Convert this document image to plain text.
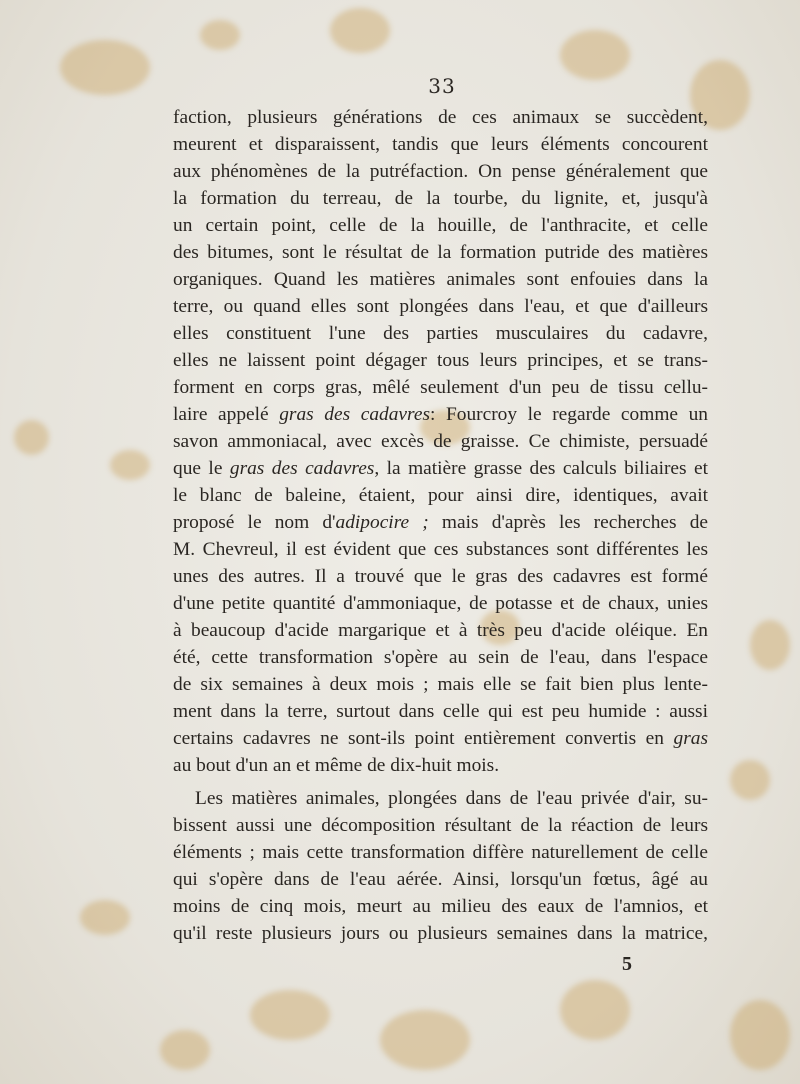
33
faction, plusieurs générations de ces animaux se succèdent,
meurent et disparaissent, tandis que leurs éléments concourent
aux phénomènes de la putréfaction. On pense généralement que
la formation du terreau, de la tourbe, du lignite, et, jusqu'à
un certain point, celle de la houille, de l'anthracite, et celle
des bitumes, sont le résultat de la formation putride des matières
organiques. Quand les matières animales sont enfouies dans la
terre, ou quand elles sont plongées dans l'eau, et que d'ailleurs
elles constituent l'une des parties musculaires du cadavre,
elles ne laissent point dégager tous leurs principes, et se trans-
forment en corps gras, mêlé seulement d'un peu de tissu cellu-
laire appelé gras des cadavres: Fourcroy le regarde comme un
savon ammoniacal, avec excès de graisse. Ce chimiste, persuadé
que le gras des cadavres, la matière grasse des calculs biliaires et
le blanc de baleine, étaient, pour ainsi dire, identiques, avait
proposé le nom d'adipocire ; mais d'après les recherches de
M. Chevreul, il est évident que ces substances sont différentes les
unes des autres. Il a trouvé que le gras des cadavres est formé
d'une petite quantité d'ammoniaque, de potasse et de chaux, unies
à beaucoup d'acide margarique et à très peu d'acide oléique. En
été, cette transformation s'opère au sein de l'eau, dans l'espace
de six semaines à deux mois ; mais elle se fait bien plus lente-
ment dans la terre, surtout dans celle qui est peu humide : aussi
certains cadavres ne sont-ils point entièrement convertis en gras
au bout d'un an et même de dix-huit mois.
Les matières animales, plongées dans de l'eau privée d'air, su-
bissent aussi une décomposition résultant de la réaction de leurs
éléments ; mais cette transformation diffère naturellement de celle
qui s'opère dans de l'eau aérée. Ainsi, lorsqu'un fœtus, âgé au
moins de cinq mois, meurt au milieu des eaux de l'amnios, et
qu'il reste plusieurs jours ou plusieurs semaines dans la matrice,
5
